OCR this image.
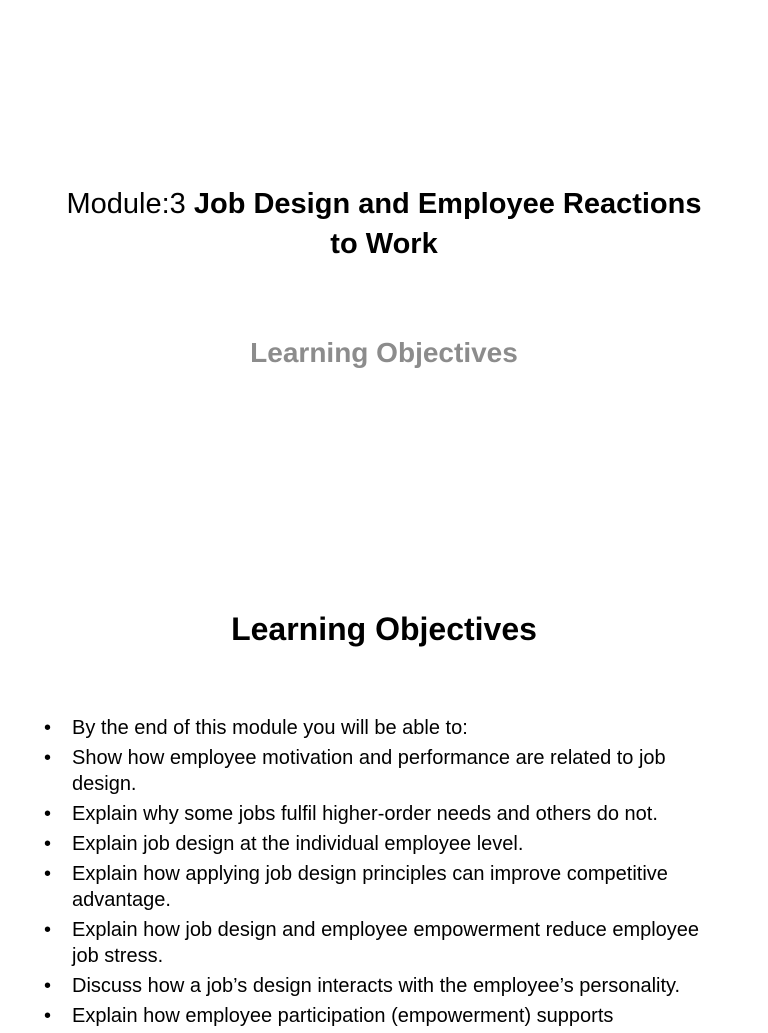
Module:3 Job Design and Employee Reactions to Work
Learning Objectives
Learning Objectives
• By the end of this module you will be able to:
• Show how employee motivation and performance are related to job design.
• Explain why some jobs fulfil higher-order needs and others do not.
• Explain job design at the individual employee level.
• Explain how applying job design principles can improve competitive advantage.
• Explain how job design and employee empowerment reduce employee job stress.
• Discuss how a job’s design interacts with the employee’s personality.
• Explain how employee participation (empowerment) supports
